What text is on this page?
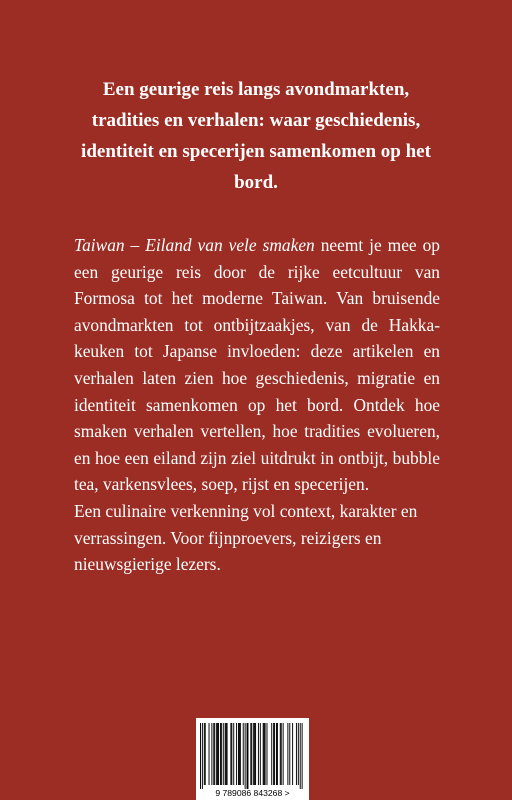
Een geurige reis langs avondmarkten, tradities en verhalen: waar geschiedenis, identiteit en specerijen samenkomen op het bord.

Taiwan – Eiland van vele smaken neemt je mee op een geurige reis door de rijke eetcultuur van Formosa tot het moderne Taiwan. Van bruisende avondmarkten tot ontbijtzaakjes, van de Hakka-keuken tot Japanse invloeden: deze artikelen en verhalen laten zien hoe geschiedenis, migratie en identiteit samenkomen op het bord. Ontdek hoe smaken verhalen vertellen, hoe tradities evolueren, en hoe een eiland zijn ziel uitdrukt in ontbijt, bubble tea, varkensvlees, soep, rijst en specerijen.

Een culinaire verkenning vol context, karakter en verrassingen. Voor fijnproevers, reizigers en nieuwsgierige lezers.

9 789086 843268 >
